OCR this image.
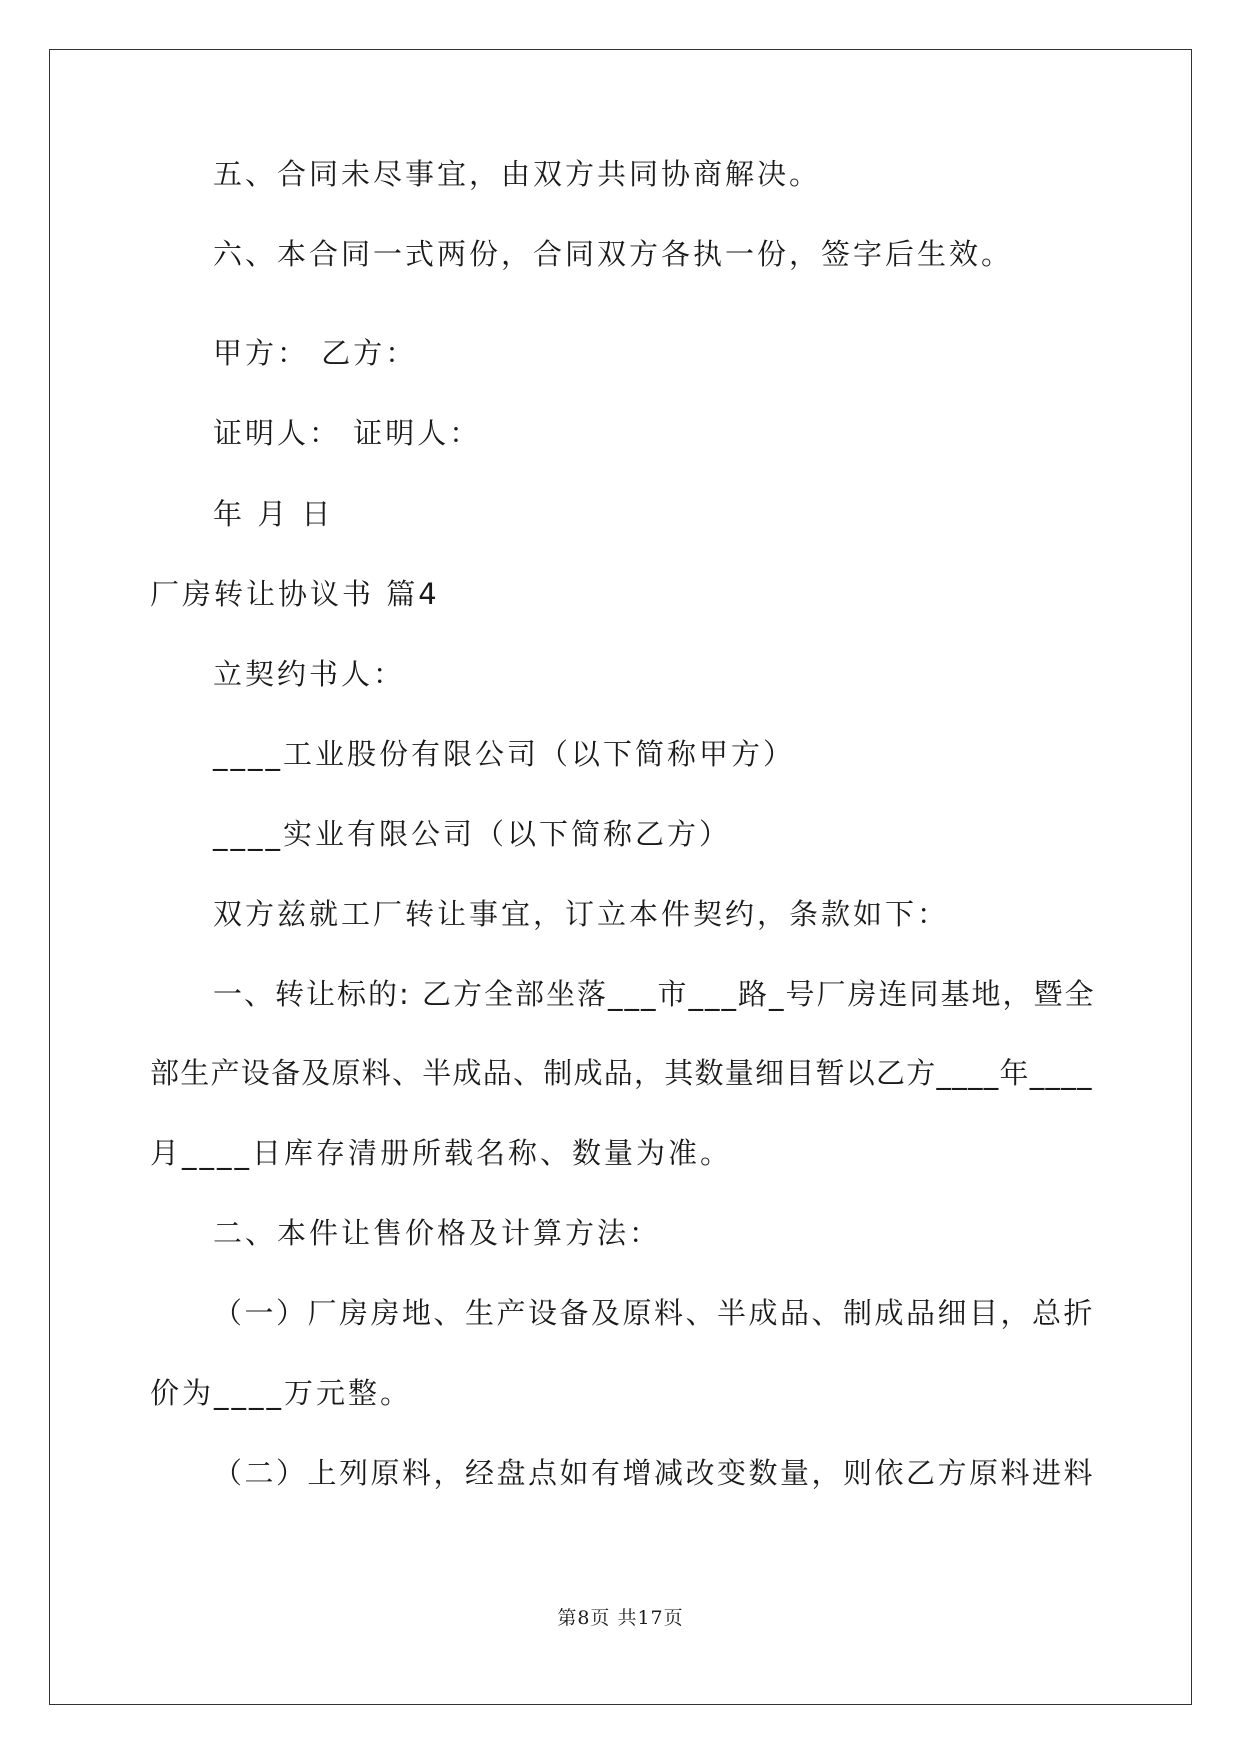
五、合同未尽事宜，由双方共同协商解决。
六、本合同一式两份，合同双方各执一份，签字后生效。
甲方： 乙方：
证明人： 证明人：
年 月 日
厂房转让协议书 篇4
立契约书人：
____工业股份有限公司（以下简称甲方）
____实业有限公司（以下简称乙方）
双方兹就工厂转让事宜，订立本件契约，条款如下：
一、转让标的: 乙方全部坐落___市___路_号厂房连同基地，暨全
部生产设备及原料、半成品、制成品，其数量细目暂以乙方____年____
月____日库存清册所载名称、数量为准。
二、本件让售价格及计算方法：
（一）厂房房地、生产设备及原料、半成品、制成品细目，总折
价为____万元整。
（二）上列原料，经盘点如有增减改变数量，则依乙方原料进料
第8页 共17页
